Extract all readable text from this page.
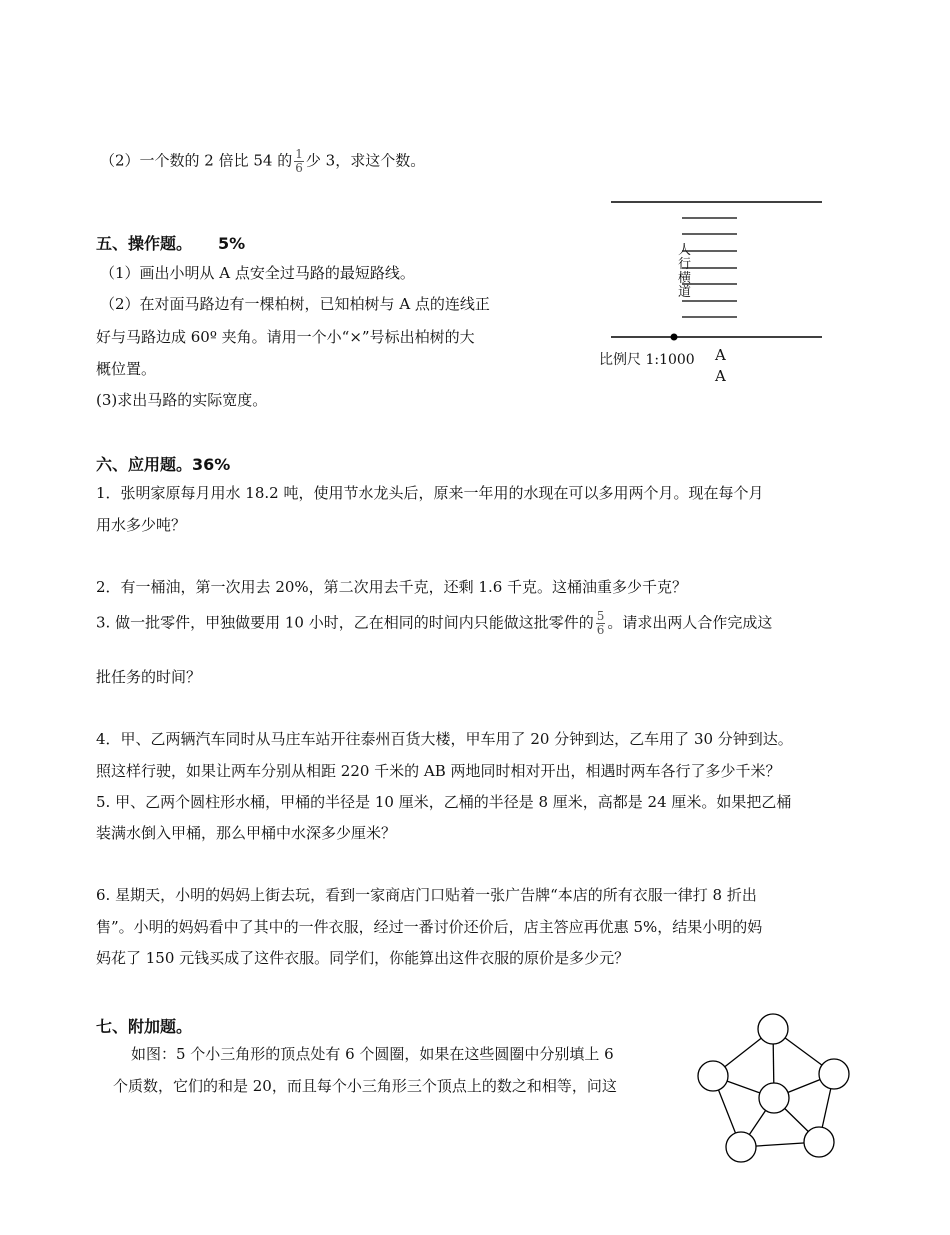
（2）一个数的 2 倍比 54 的 $\frac{1}{6}$ 少 3，求这个数。
五、操作题。 5%
（1）画出小明从 A 点安全过马路的最短路线。
（2）在对面马路边有一棵柏树，已知柏树与 A 点的连线正
好与马路边成 60º 夹角。请用一个小“×”号标出柏树的大
概位置。
(3)求出马路的实际宽度。
人行横道
比例尺 1:1000 A
A
六、应用题。36%
1．张明家原每月用水 18.2 吨，使用节水龙头后，原来一年用的水现在可以多用两个月。现在每个月
用水多少吨？
2．有一桶油，第一次用去 20%，第二次用去千克，还剩 1.6 千克。这桶油重多少千克？
3. 做一批零件，甲独做要用 10 小时，乙在相同的时间内只能做这批零件的 $\frac{5}{6}$ 。请求出两人合作完成这
批任务的时间？
4．甲、乙两辆汽车同时从马庄车站开往泰州百货大楼，甲车用了 20 分钟到达，乙车用了 30 分钟到达。
照这样行驶，如果让两车分别从相距 220 千米的 AB 两地同时相对开出，相遇时两车各行了多少千米？
5. 甲、乙两个圆柱形水桶，甲桶的半径是 10 厘米，乙桶的半径是 8 厘米，高都是 24 厘米。如果把乙桶
装满水倒入甲桶，那么甲桶中水深多少厘米？
6. 星期天，小明的妈妈上街去玩，看到一家商店门口贴着一张广告牌“本店的所有衣服一律打 8 折出
售”。小明的妈妈看中了其中的一件衣服，经过一番讨价还价后，店主答应再优惠 5%，结果小明的妈
妈花了 150 元钱买成了这件衣服。同学们，你能算出这件衣服的原价是多少元？
七、附加题。
如图：5 个小三角形的顶点处有 6 个圆圈，如果在这些圆圈中分别填上 6
个质数，它们的和是 20，而且每个小三角形三个顶点上的数之和相等，问这
